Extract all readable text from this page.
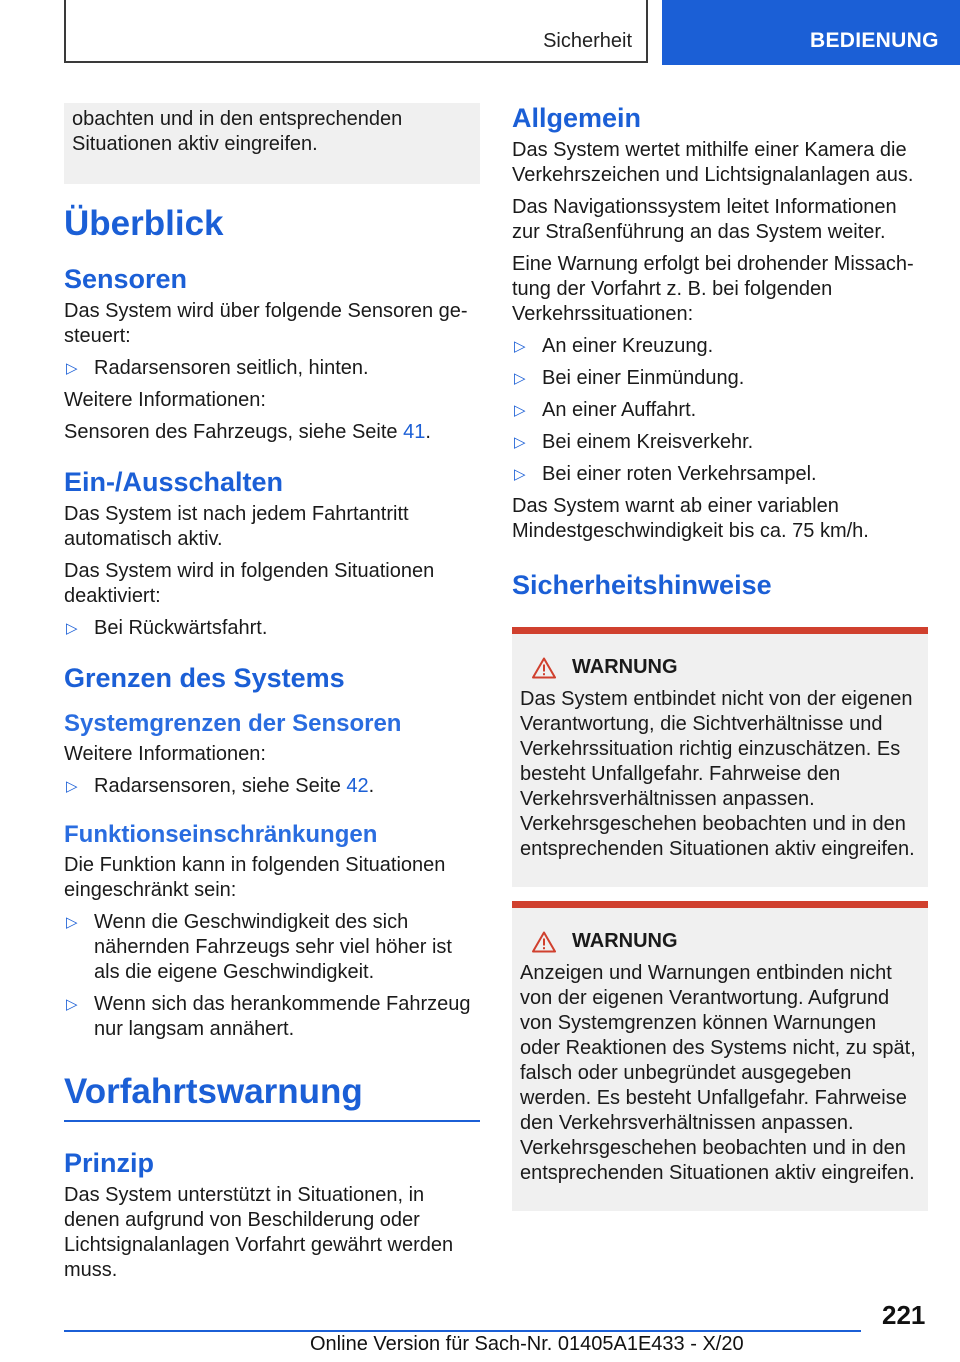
Sicherheit	BEDIENUNG

obachten und in den entsprechenden Situationen aktiv eingreifen.

Überblick
Sensoren

Das System wird über folgende Sensoren gesteuert:

▷ Radarsensoren seitlich, hinten.

Weitere Informationen:

Sensoren des Fahrzeugs, siehe Seite 41.

Ein-/Ausschalten

Das System ist nach jedem Fahrtantritt automatisch aktiv.

Das System wird in folgenden Situationen deaktiviert:

▷ Bei Rückwärtsfahrt.
Grenzen des Systems
Systemgrenzen der Sensoren

Weitere Informationen:

▷ Radarsensoren, siehe Seite 42.
Funktionseinschränkungen

Die Funktion kann in folgenden Situationen eingeschränkt sein:

▷ Wenn die Geschwindigkeit des sich nähernden Fahrzeugs sehr viel höher ist als die eigene Geschwindigkeit.
▷ Wenn sich das herankommende Fahrzeug nur langsam annähert.
Vorfahrtswarnung
Prinzip

Das System unterstützt in Situationen, in denen aufgrund von Beschilderung oder Lichtsignalanlagen Vorfahrt gewährt werden muss.

Allgemein

Das System wertet mithilfe einer Kamera die Verkehrszeichen und Lichtsignalanlagen aus.

Das Navigationssystem leitet Informationen zur Straßenführung an das System weiter.

Eine Warnung erfolgt bei drohender Missachtung der Vorfahrt z. B. bei folgenden Verkehrssituationen:

▷ An einer Kreuzung.
▷ Bei einer Einmündung.
▷ An einer Auffahrt.
▷ Bei einem Kreisverkehr.
▷ Bei einer roten Verkehrsampel.

Das System warnt ab einer variablen Mindestgeschwindigkeit bis ca. 75 km/h.

Sicherheitshinweise
WARNUNG

Das System entbindet nicht von der eigenen Verantwortung, die Sichtverhältnisse und Verkehrssituation richtig einzuschätzen. Es besteht Unfallgefahr. Fahrweise den Verkehrsverhältnissen anpassen. Verkehrsgeschehen beobachten und in den entsprechenden Situationen aktiv eingreifen.

WARNUNG

Anzeigen und Warnungen entbinden nicht von der eigenen Verantwortung. Aufgrund von Systemgrenzen können Warnungen oder Reaktionen des Systems nicht, zu spät, falsch oder unbegründet ausgegeben werden. Es besteht Unfallgefahr. Fahrweise den Verkehrsverhältnissen anpassen. Verkehrsgeschehen beobachten und in den entsprechenden Situationen aktiv eingreifen.

221
Online Version für Sach-Nr. 01405A1E433 - X/20
